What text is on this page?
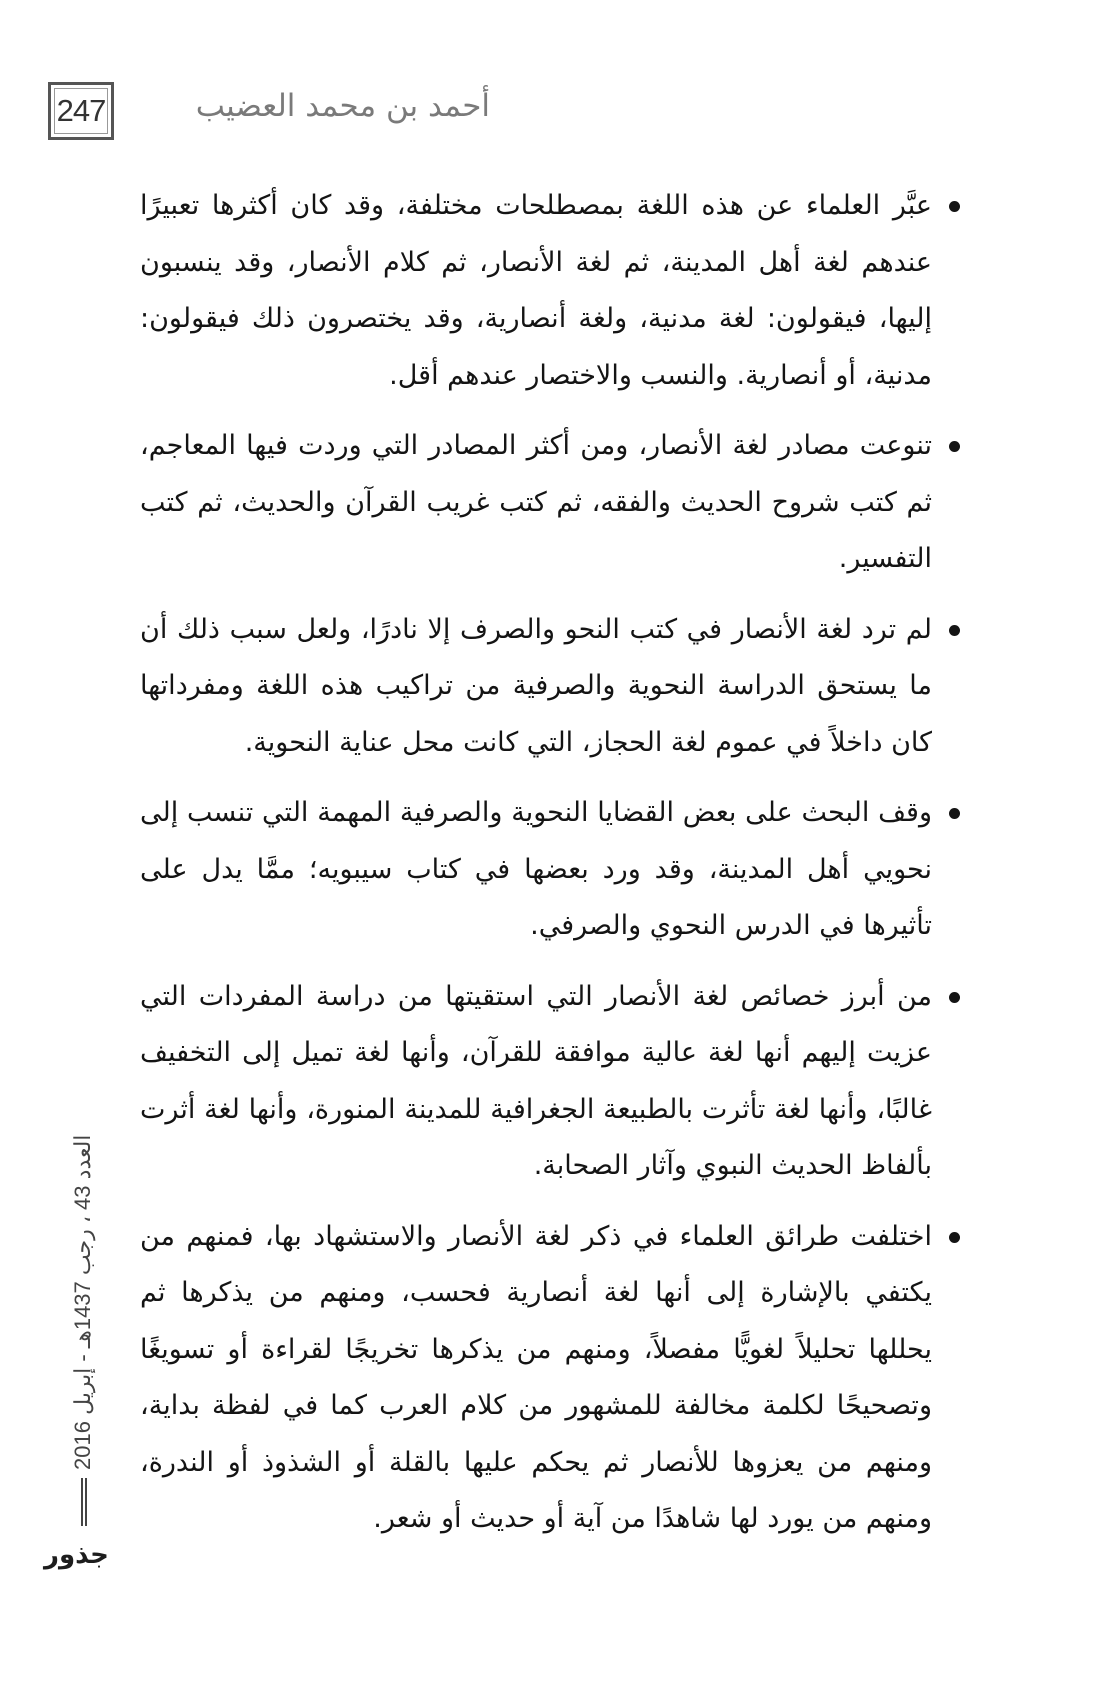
247	أحمد بن محمد العضيب
عبَّر العلماء عن هذه اللغة بمصطلحات مختلفة، وقد كان أكثرها تعبيرًا عندهم لغة أهل المدينة، ثم لغة الأنصار، ثم كلام الأنصار، وقد ينسبون إليها، فيقولون: لغة مدنية، ولغة أنصارية، وقد يختصرون ذلك فيقولون: مدنية، أو أنصارية. والنسب والاختصار عندهم أقل.
تنوعت مصادر لغة الأنصار، ومن أكثر المصادر التي وردت فيها المعاجم، ثم كتب شروح الحديث والفقه، ثم كتب غريب القرآن والحديث، ثم كتب التفسير.
لم ترد لغة الأنصار في كتب النحو والصرف إلا نادرًا، ولعل سبب ذلك أن ما يستحق الدراسة النحوية والصرفية من تراكيب هذه اللغة ومفرداتها كان داخلاً في عموم لغة الحجاز، التي كانت محل عناية النحوية.
وقف البحث على بعض القضايا النحوية والصرفية المهمة التي تنسب إلى نحويي أهل المدينة، وقد ورد بعضها في كتاب سيبويه؛ ممَّا يدل على تأثيرها في الدرس النحوي والصرفي.
من أبرز خصائص لغة الأنصار التي استقيتها من دراسة المفردات التي عزيت إليهم أنها لغة عالية موافقة للقرآن، وأنها لغة تميل إلى التخفيف غالبًا، وأنها لغة تأثرت بالطبيعة الجغرافية للمدينة المنورة، وأنها لغة أثرت بألفاظ الحديث النبوي وآثار الصحابة.
اختلفت طرائق العلماء في ذكر لغة الأنصار والاستشهاد بها، فمنهم من يكتفي بالإشارة إلى أنها لغة أنصارية فحسب، ومنهم من يذكرها ثم يحللها تحليلاً لغويًّا مفصلاً، ومنهم من يذكرها تخريجًا لقراءة أو تسويغًا وتصحيحًا لكلمة مخالفة للمشهور من كلام العرب كما في لفظة بداية، ومنهم من يعزوها للأنصار ثم يحكم عليها بالقلة أو الشذوذ أو الندرة، ومنهم من يورد لها شاهدًا من آية أو حديث أو شعر.
العدد 43 ، رجب 1437هـ - إبريل 2016
جذور
